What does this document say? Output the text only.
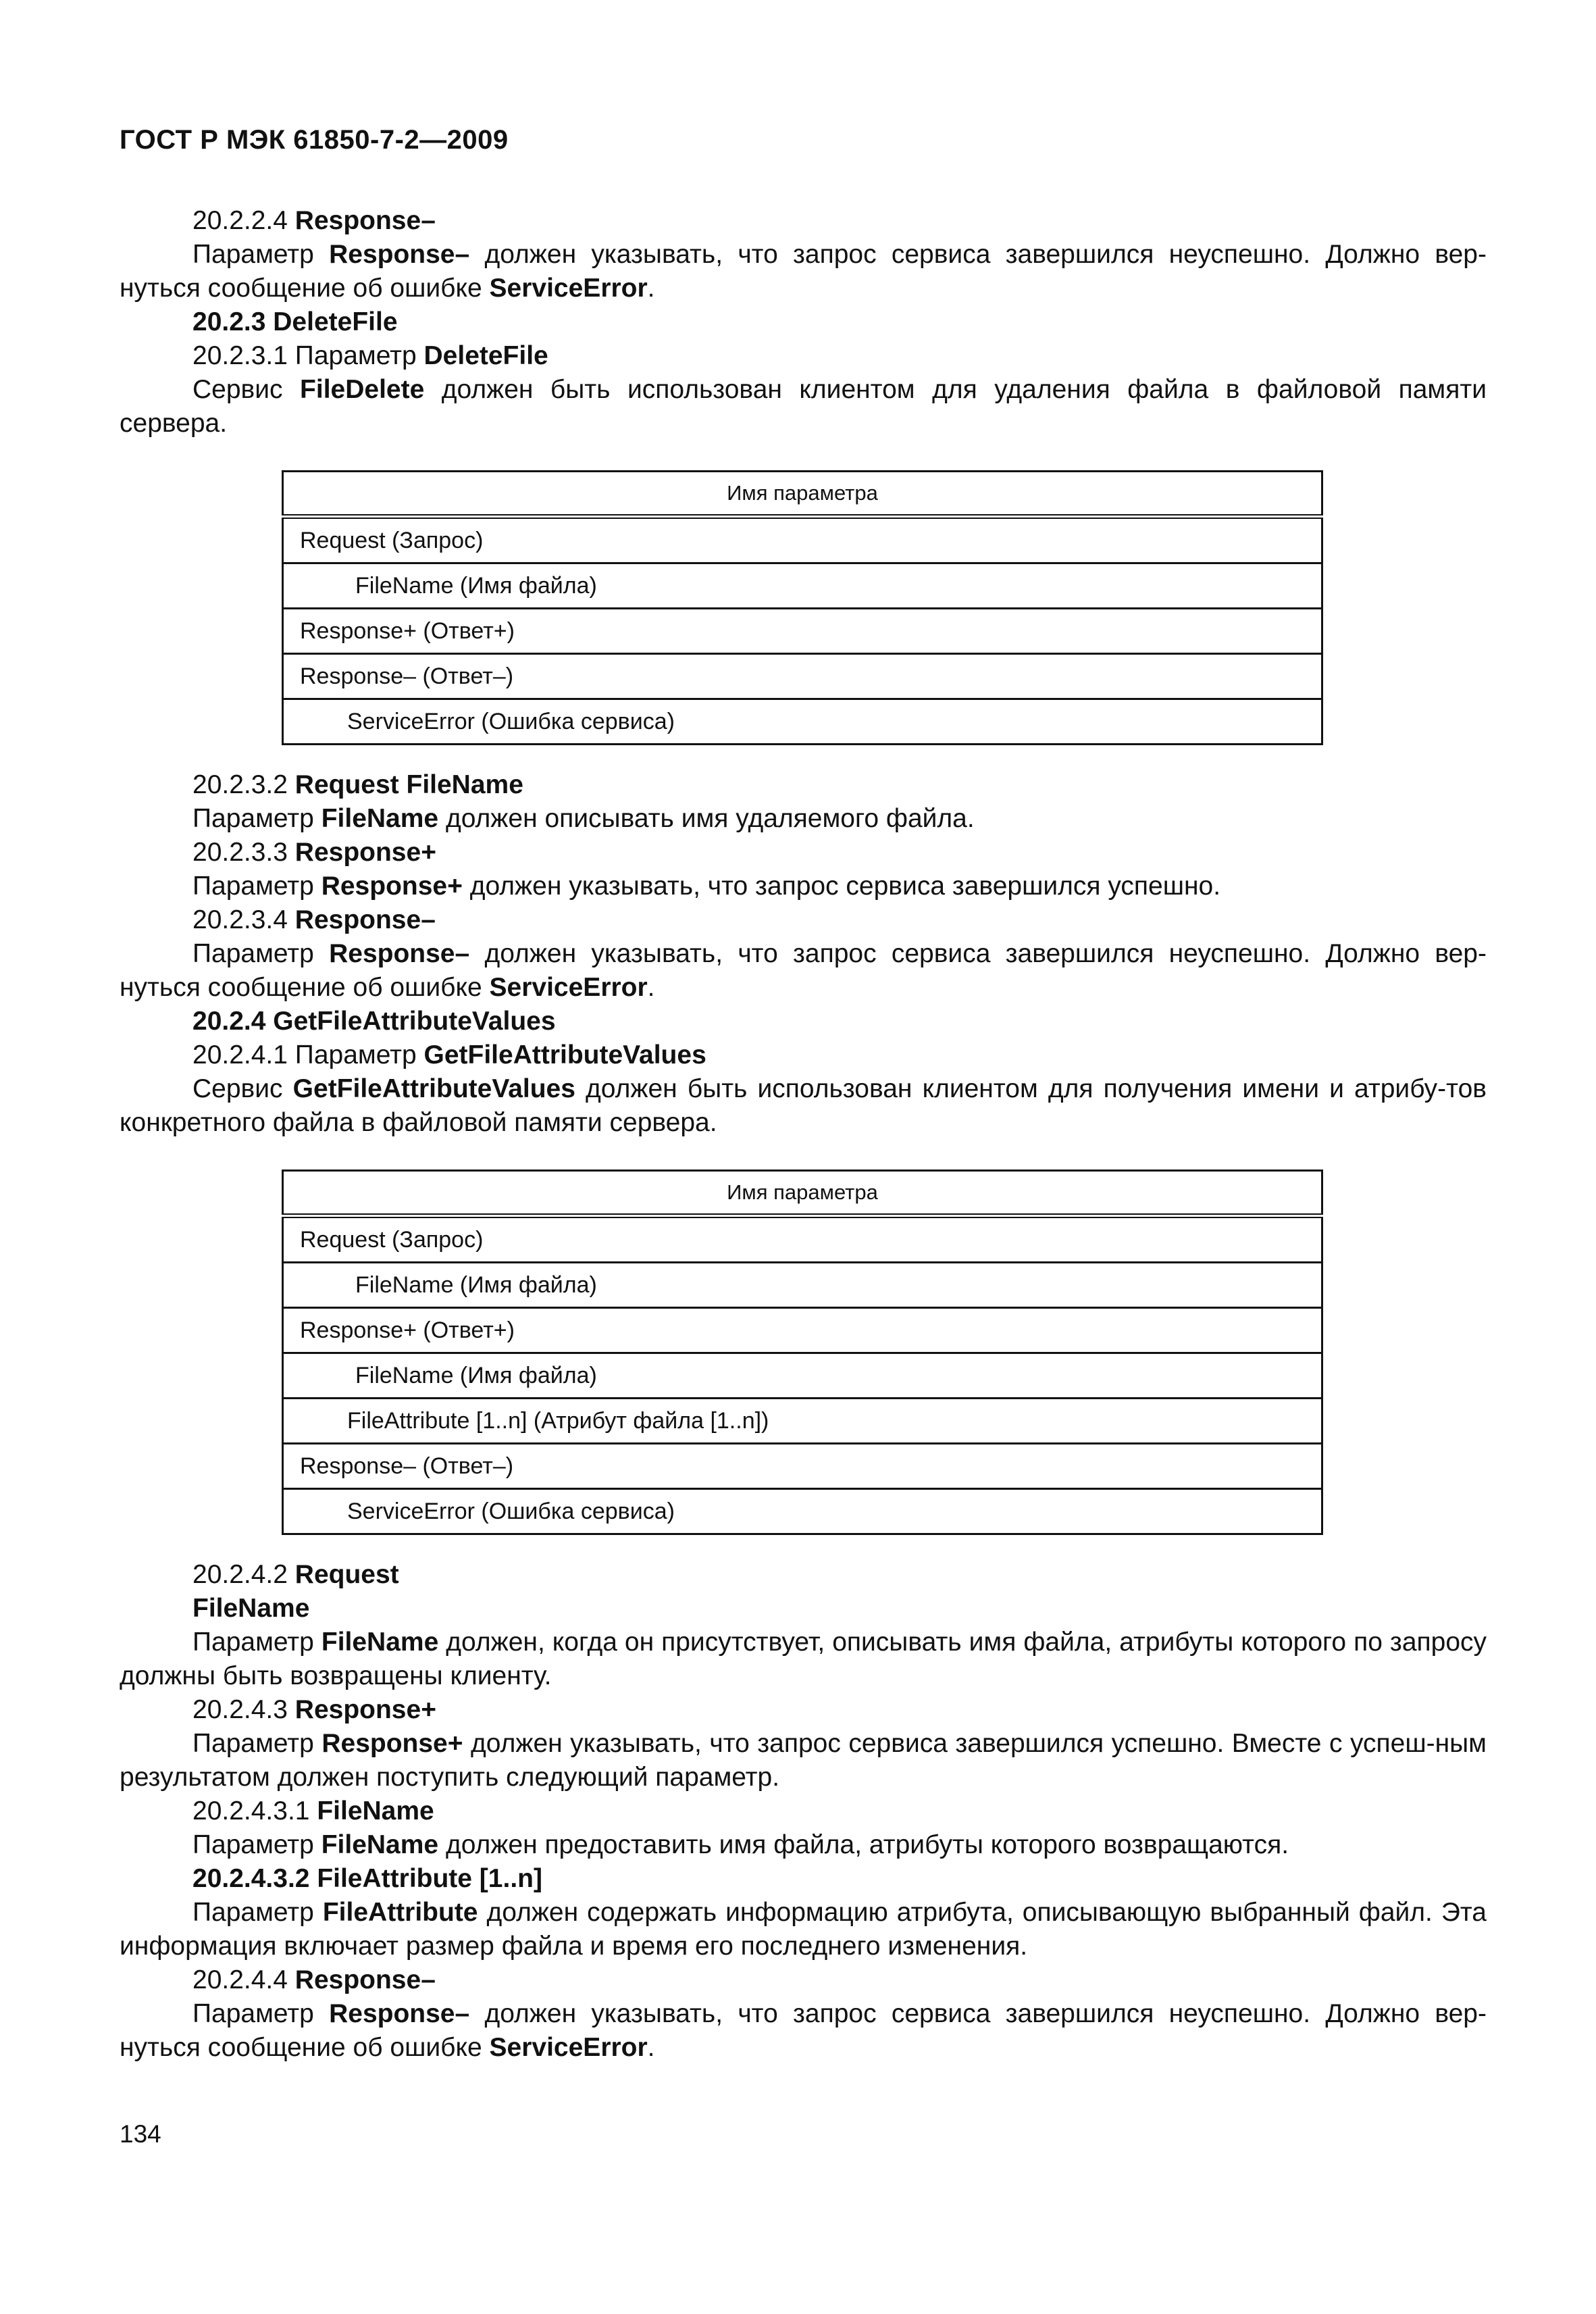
ГОСТ Р МЭК 61850-7-2—2009

20.2.2.4 Response–

Параметр Response– должен указывать, что запрос сервиса завершился неуспешно. Должно вер-нуться сообщение об ошибке ServiceError.

20.2.3 DeleteFile

20.2.3.1 Параметр DeleteFile

Сервис FileDelete должен быть использован клиентом для удаления файла в файловой памяти сервера.

Имя параметра
Request (Запрос)
FileName (Имя файла)
Response+ (Ответ+)
Response– (Ответ–)
ServiceError (Ошибка сервиса)

20.2.3.2 Request FileName

Параметр FileName должен описывать имя удаляемого файла.

20.2.3.3 Response+

Параметр Response+ должен указывать, что запрос сервиса завершился успешно.

20.2.3.4 Response–

Параметр Response– должен указывать, что запрос сервиса завершился неуспешно. Должно вер-нуться сообщение об ошибке ServiceError.

20.2.4 GetFileAttributeValues

20.2.4.1 Параметр GetFileAttributeValues

Сервис GetFileAttributeValues должен быть использован клиентом для получения имени и атрибу-тов конкретного файла в файловой памяти сервера.

Имя параметра
Request (Запрос)
FileName (Имя файла)
Response+ (Ответ+)
FileName (Имя файла)
FileAttribute [1..n] (Атрибут файла [1..n])
Response– (Ответ–)
ServiceError (Ошибка сервиса)

20.2.4.2 Request

FileName

Параметр FileName должен, когда он присутствует, описывать имя файла, атрибуты которого по запросу должны быть возвращены клиенту.

20.2.4.3 Response+

Параметр Response+ должен указывать, что запрос сервиса завершился успешно. Вместе с успеш-ным результатом должен поступить следующий параметр.

20.2.4.3.1 FileName

Параметр FileName должен предоставить имя файла, атрибуты которого возвращаются.

20.2.4.3.2 FileAttribute [1..n]

Параметр FileAttribute должен содержать информацию атрибута, описывающую выбранный файл. Эта информация включает размер файла и время его последнего изменения.

20.2.4.4 Response–

Параметр Response– должен указывать, что запрос сервиса завершился неуспешно. Должно вер-нуться сообщение об ошибке ServiceError.

134
